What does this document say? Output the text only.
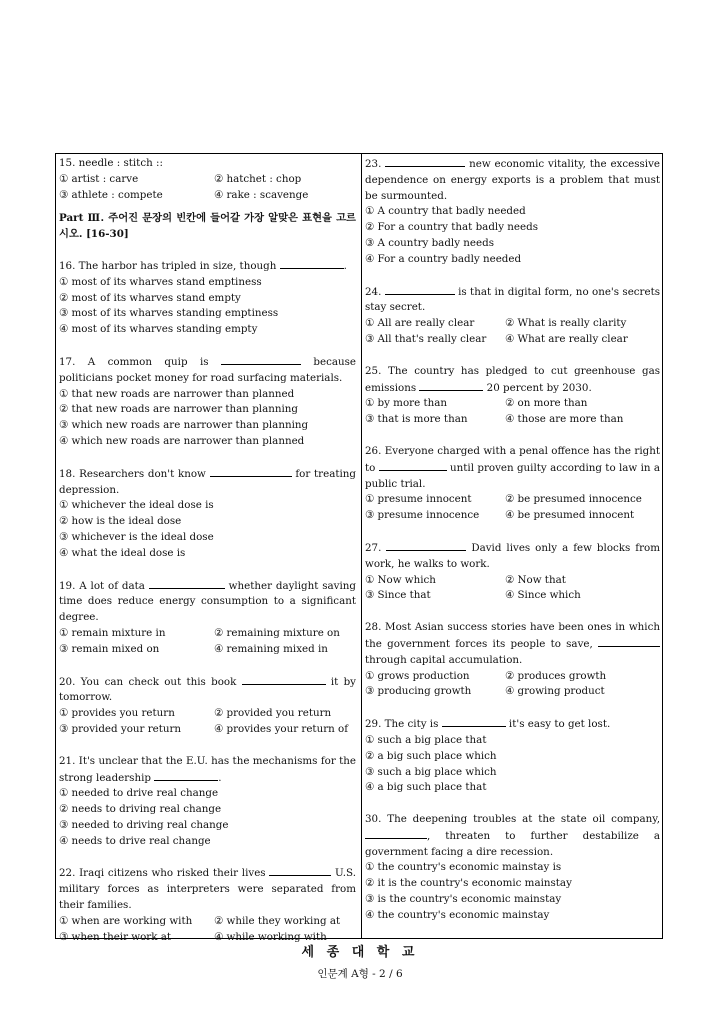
15. needle : stitch ::
① artist : carve	② hatchet : chop
③ athlete : compete	④ rake : scavenge
Part Ⅲ. 주어진 문장의 빈칸에 들어갈 가장 알맞은 표현을 고르시오. [16-30]
16. The harbor has tripled in size, though	.
① most of its wharves stand emptiness
② most of its wharves stand empty
③ most of its wharves standing emptiness
④ most of its wharves standing empty
17. A common quip is	because politicians pocket money for road surfacing materials.
① that new roads are narrower than planned
② that new roads are narrower than planning
③ which new roads are narrower than planning
④ which new roads are narrower than planned
18. Researchers don't know	for treating depression.
① whichever the ideal dose is
② how is the ideal dose
③ whichever is the ideal dose
④ what the ideal dose is
19. A lot of data	whether daylight saving time does reduce energy consumption to a significant degree.
① remain mixture in	② remaining mixture on
③ remain mixed on	④ remaining mixed in
20. You can check out this book	it by tomorrow.
① provides you return	② provided you return
③ provided your return	④ provides your return of
21. It's unclear that the E.U. has the mechanisms for the strong leadership	.
① needed to drive real change
② needs to driving real change
③ needed to driving real change
④ needs to drive real change
22. Iraqi citizens who risked their lives	U.S. military forces as interpreters were separated from their families.
① when are working with	② while they working at
③ when their work at	④ while working with
23.	new economic vitality, the excessive dependence on energy exports is a problem that must be surmounted.
① A country that badly needed
② For a country that badly needs
③ A country badly needs
④ For a country badly needed
24.	is that in digital form, no one's secrets stay secret.
① All are really clear	② What is really clarity
③ All that's really clear	④ What are really clear
25. The country has pledged to cut greenhouse gas emissions	20 percent by 2030.
① by more than	② on more than
③ that is more than	④ those are more than
26. Everyone charged with a penal offence has the right to	until proven guilty according to law in a public trial.
① presume innocent	② be presumed innocence
③ presume innocence	④ be presumed innocent
27.	David lives only a few blocks from work, he walks to work.
① Now which	② Now that
③ Since that	④ Since which
28. Most Asian success stories have been ones in which the government forces its people to save,  through capital accumulation.
① grows production	② produces growth
③ producing growth	④ growing product
29. The city is	it's easy to get lost.
① such a big place that
② a big such place which
③ such a big place which
④ a big such place that
30. The deepening troubles at the state oil company, , threaten to further destabilize a government facing a dire recession.
① the country's economic mainstay is
② it is the country's economic mainstay
③ is the country's economic mainstay
④ the country's economic mainstay
세 종 대 학 교
인문계 A형 - 2 / 6
